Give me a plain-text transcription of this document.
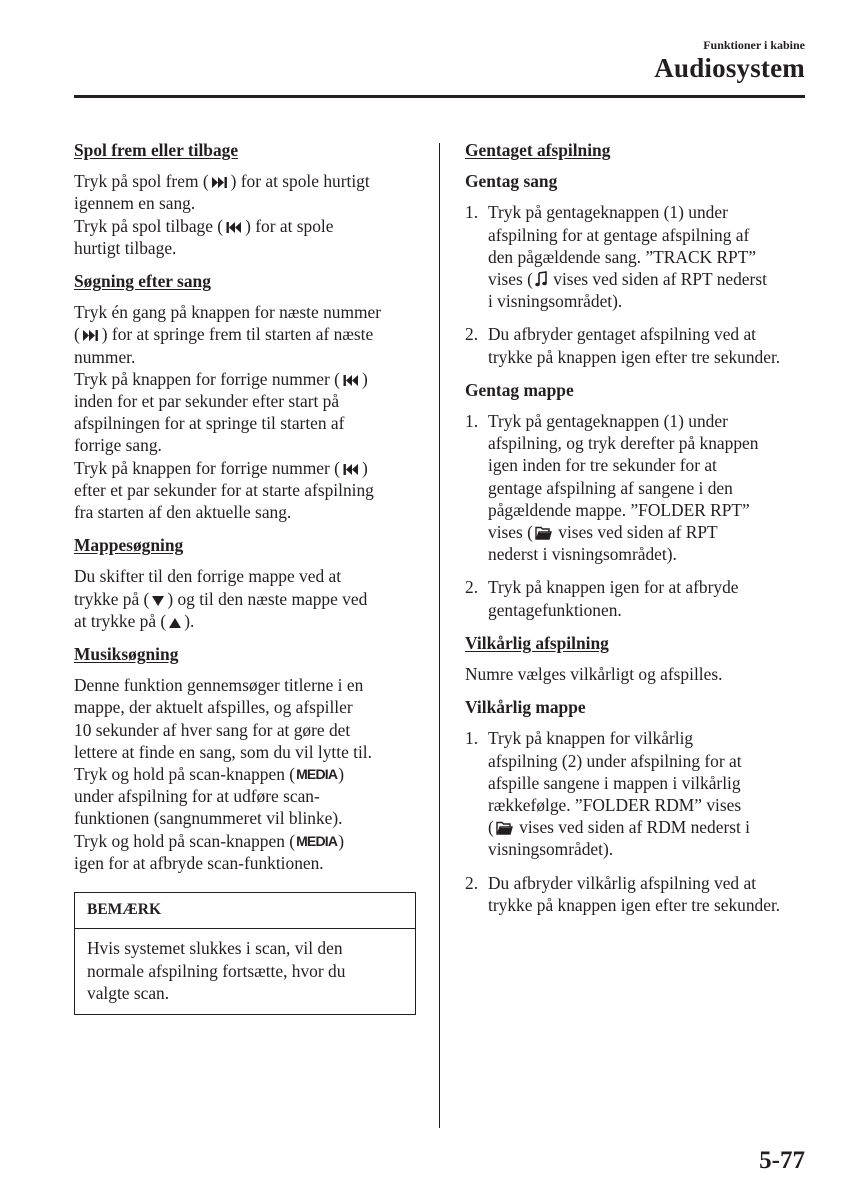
Funktioner i kabine
Audiosystem
Spol frem eller tilbage
Tryk på spol frem ( ) for at spole hurtigt
igennem en sang.
Tryk på spol tilbage ( ) for at spole
hurtigt tilbage.
Søgning efter sang
Tryk én gang på knappen for næste nummer
( ) for at springe frem til starten af næste
nummer.
Tryk på knappen for forrige nummer ( )
inden for et par sekunder efter start på
afspilningen for at springe til starten af
forrige sang.
Tryk på knappen for forrige nummer ( )
efter et par sekunder for at starte afspilning
fra starten af den aktuelle sang.
Mappesøgning
Du skifter til den forrige mappe ved at
trykke på ( ) og til den næste mappe ved
at trykke på ( ).
Musiksøgning
Denne funktion gennemsøger titlerne i en
mappe, der aktuelt afspilles, og afspiller
10 sekunder af hver sang for at gøre det
lettere at finde en sang, som du vil lytte til.
Tryk og hold på scan-knappen (MEDIA)
under afspilning for at udføre scan-
funktionen (sangnummeret vil blinke).
Tryk og hold på scan-knappen (MEDIA)
igen for at afbryde scan-funktionen.
BEMÆRK
Hvis systemet slukkes i scan, vil den
normale afspilning fortsætte, hvor du
valgte scan.
Gentaget afspilning
Gentag sang
1. Tryk på gentageknappen (1) under
afspilning for at gentage afspilning af
den pågældende sang. ”TRACK RPT”
vises (
vises ved siden af RPT nederst
i visningsområdet).
2. Du afbryder gentaget afspilning ved at
trykke på knappen igen efter tre sekunder.
Gentag mappe
1. Tryk på gentageknappen (1) under
afspilning, og tryk derefter på knappen
igen inden for tre sekunder for at
gentage afspilning af sangene i den
pågældende mappe. ”FOLDER RPT”
vises (
vises ved siden af RPT
nederst i visningsområdet).
2. Tryk på knappen igen for at afbryde
gentagefunktionen.
Vilkårlig afspilning
Numre vælges vilkårligt og afspilles.
Vilkårlig mappe
1. Tryk på knappen for vilkårlig
afspilning (2) under afspilning for at
afspille sangene i mappen i vilkårlig
rækkefølge. ”FOLDER RDM” vises
(
vises ved siden af RDM nederst i
visningsområdet).
2. Du afbryder vilkårlig afspilning ved at
trykke på knappen igen efter tre sekunder.
5-77
